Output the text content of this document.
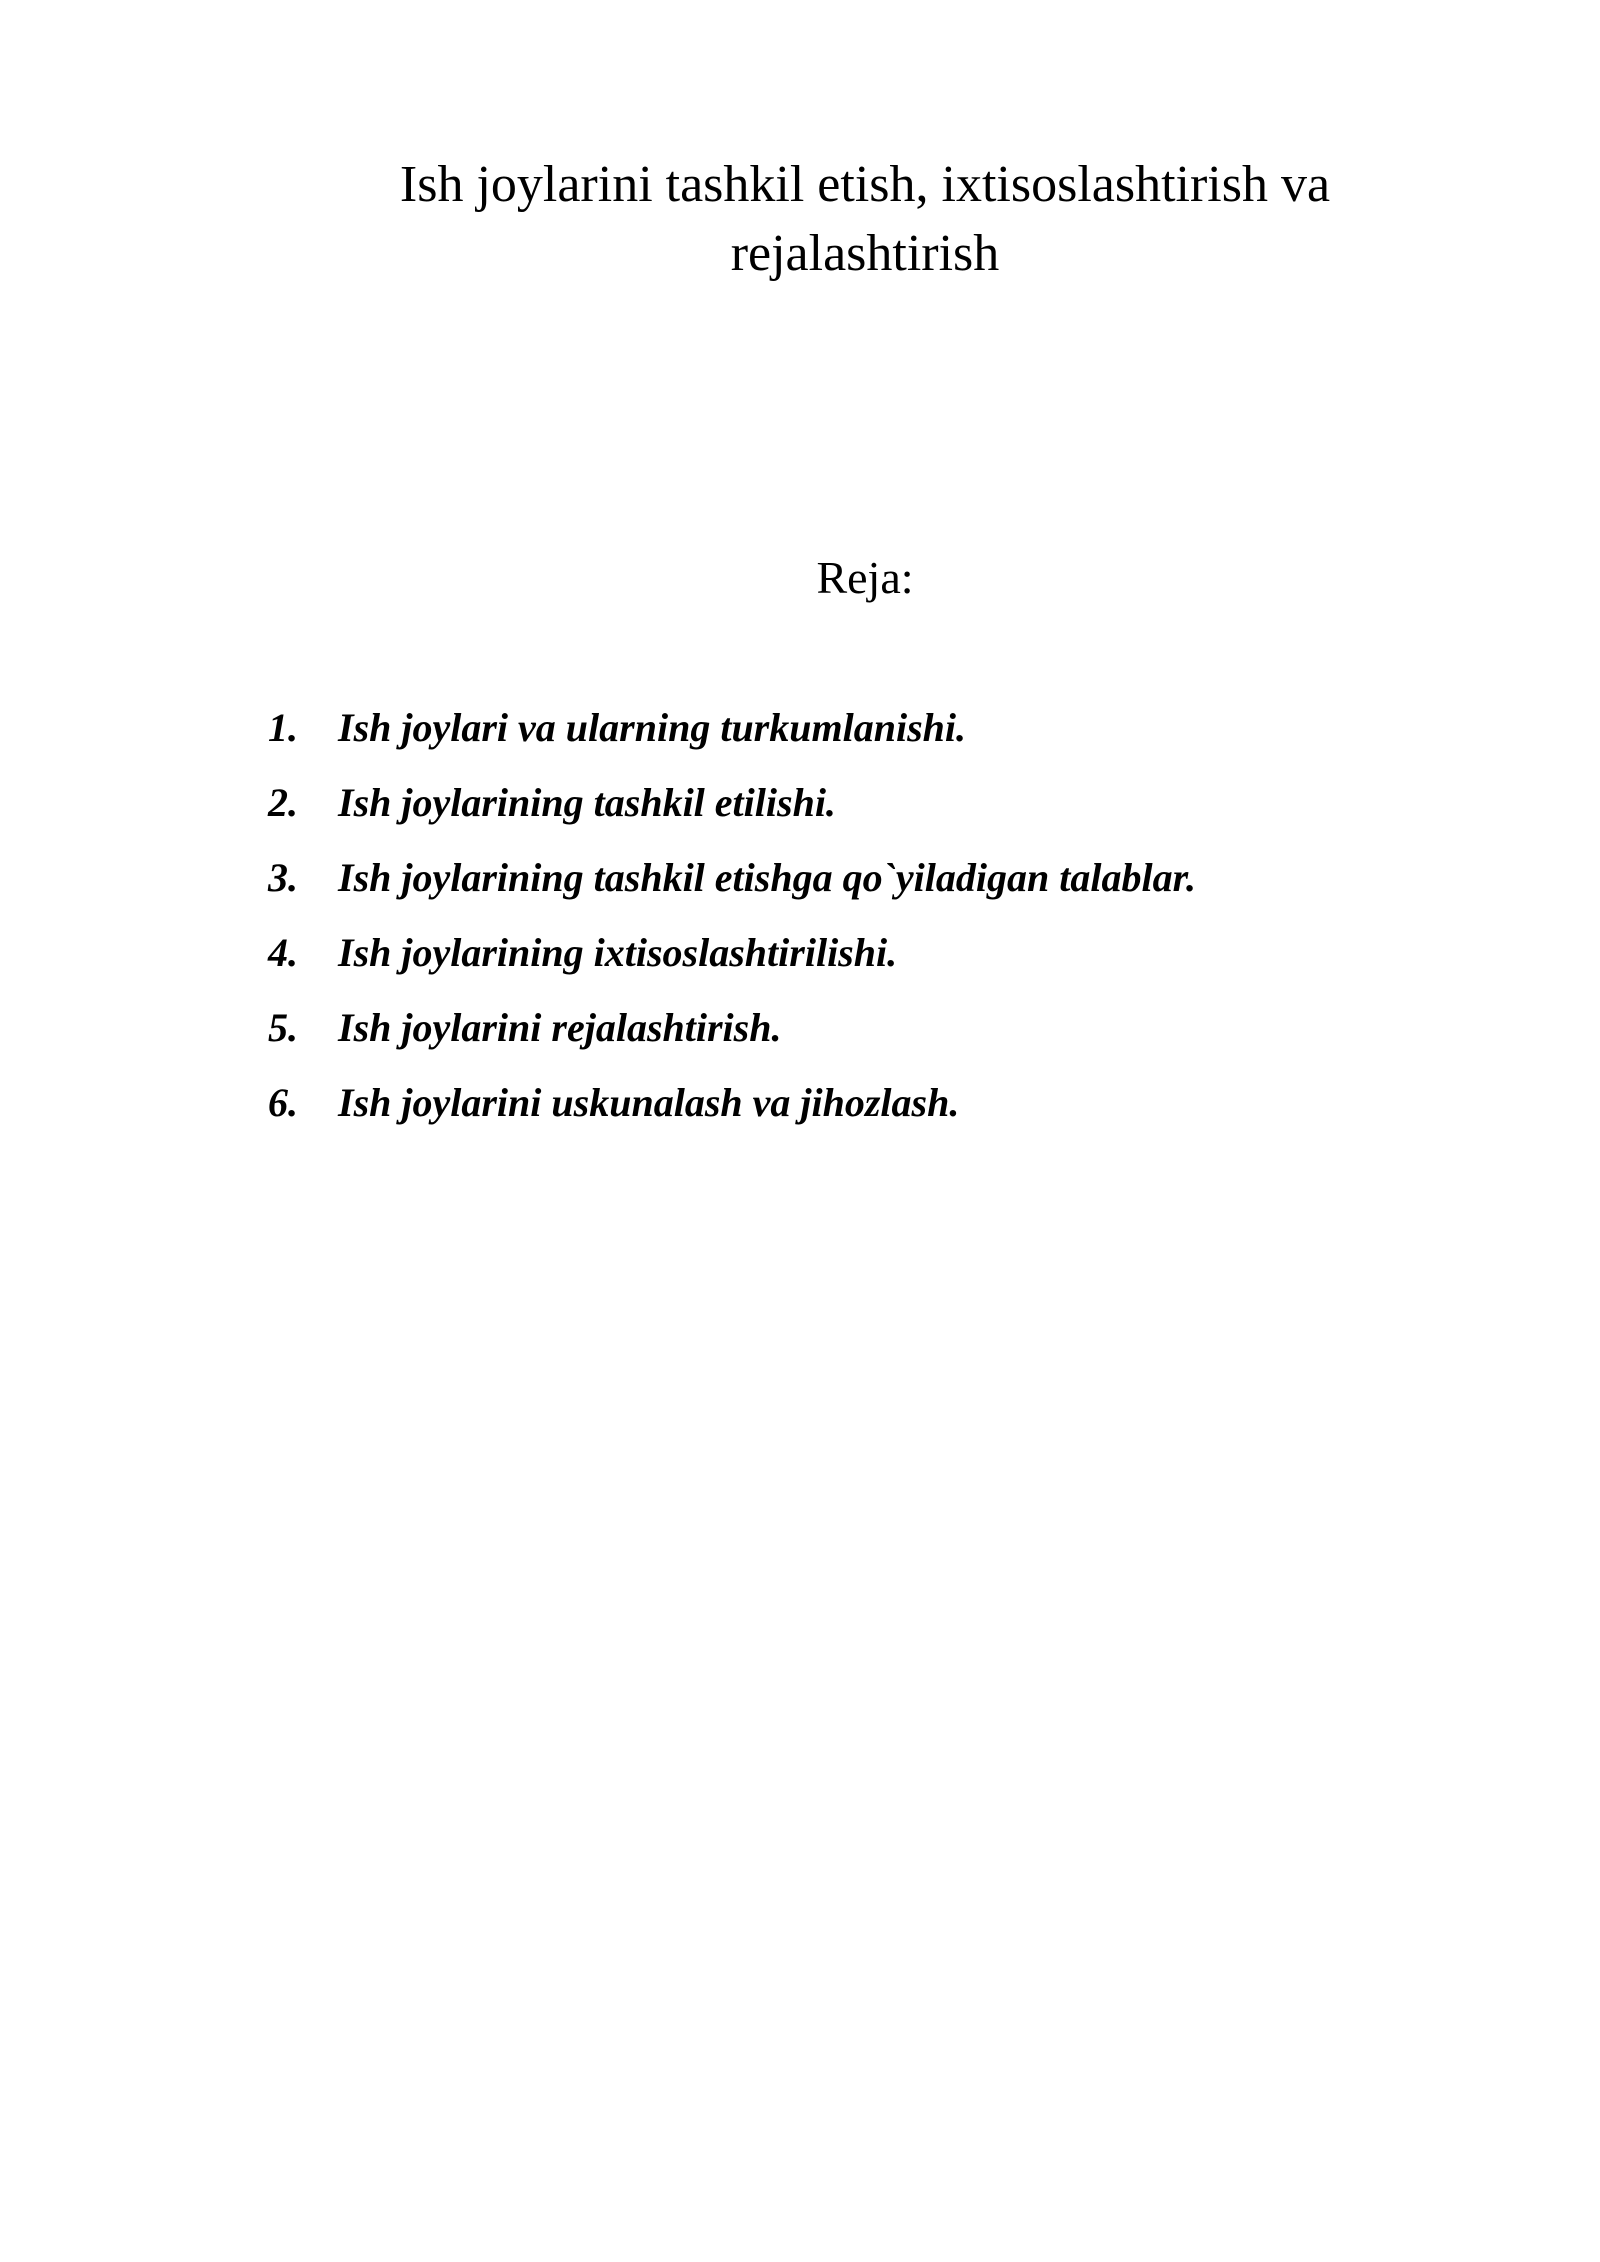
Ish joylarini tashkil etish, ixtisoslashtirish va rejalashtirish

Reja:

1.	Ish joylari va ularning turkumlanishi.
2.	Ish joylarining tashkil etilishi.
3.	Ish joylarining tashkil etishga qo`yiladigan talablar.
4.	Ish joylarining ixtisoslashtirilishi.
5.	Ish joylarini rejalashtirish.
6.	Ish joylarini uskunalash va jihozlash.
